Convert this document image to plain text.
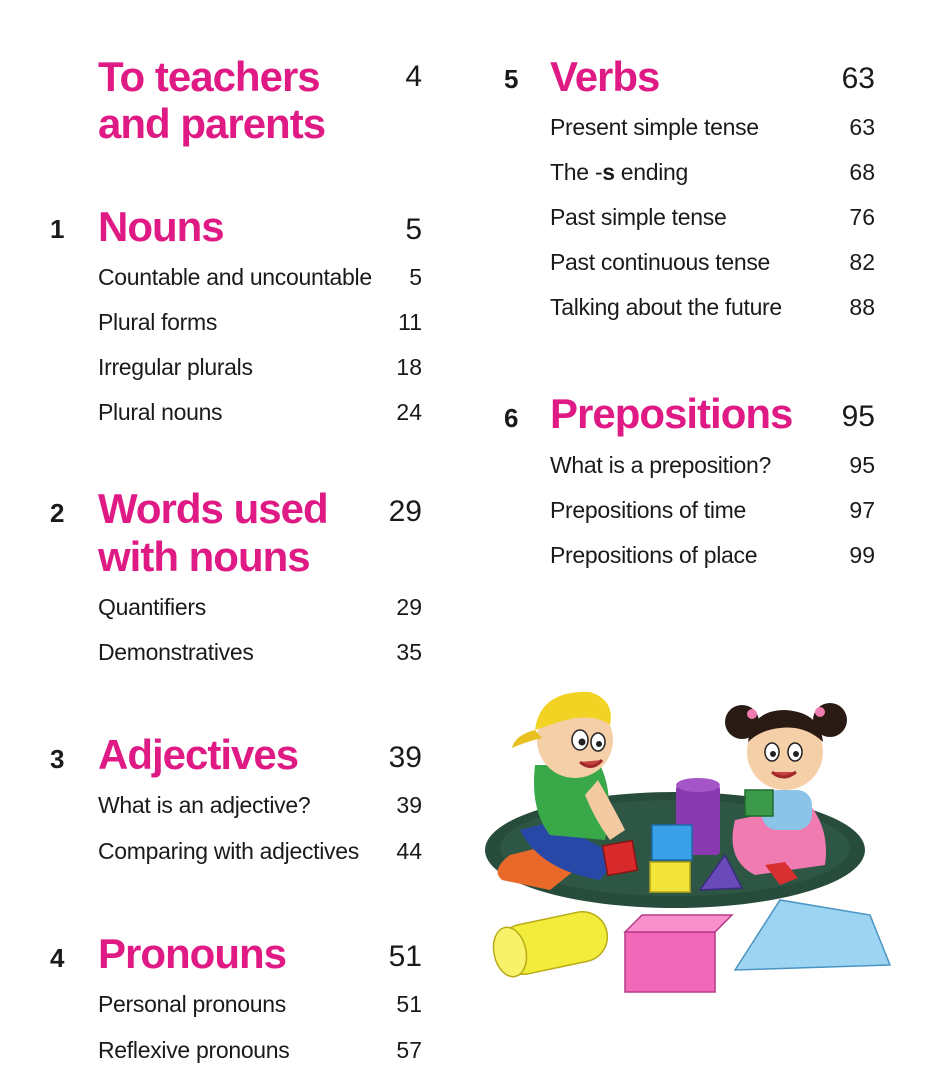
To teachers
and parents
4
1 Nouns	5
Countable and uncountable	5
Plural forms	11
Irregular plurals	18
Plural nouns	24
2 Words used
with nouns
29
Quantifiers	29
Demonstratives	35
3 Adjectives	39
What is an adjective?	39
Comparing with adjectives	44
4 Pronouns	51
Personal pronouns	51
Reflexive pronouns	57
5 Verbs	63
Present simple tense	63
The -s ending	68
Past simple tense	76
Past continuous tense	82
Talking about the future	88
6 Prepositions	95
What is a preposition?	95
Prepositions of time	97
Prepositions of place	99
